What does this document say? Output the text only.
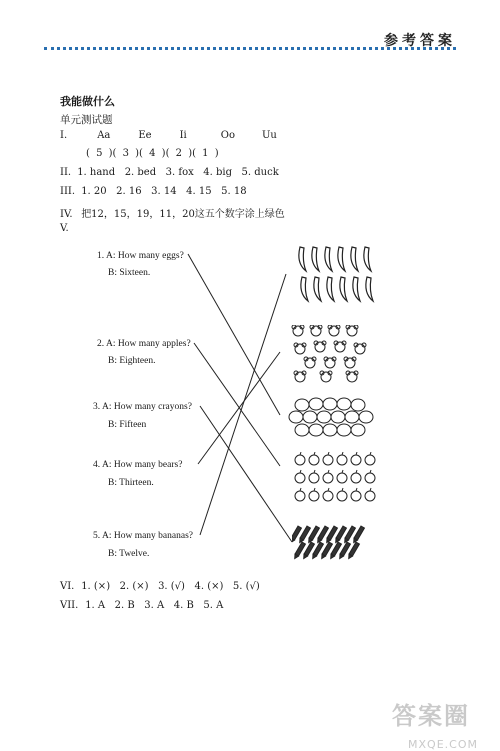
参考答案
我能做什么
单元测试题
I.	Aa	Ee	Ii	Oo	Uu
( 5 )( 3 )( 4 )( 2 )( 1 )
II. 1. hand   2. bed   3. fox   4. big   5. duck
III. 1. 20   2. 16   3. 14   4. 15   5. 18
IV. 把12，15，19，11，20这五个数字涂上绿色
V.
1. A: How many eggs?
B: Sixteen.
2. A: How many apples?
B: Eighteen.
3. A: How many crayons?
B: Fifteen
4. A: How many bears?
B: Thirteen.
5. A: How many bananas?
B: Twelve.
VI. 1. (×)   2. (×)   3. (√)   4. (×)   5. (√)
VII. 1. A   2. B   3. A   4. B   5. A
答案圈
MXQE.COM
